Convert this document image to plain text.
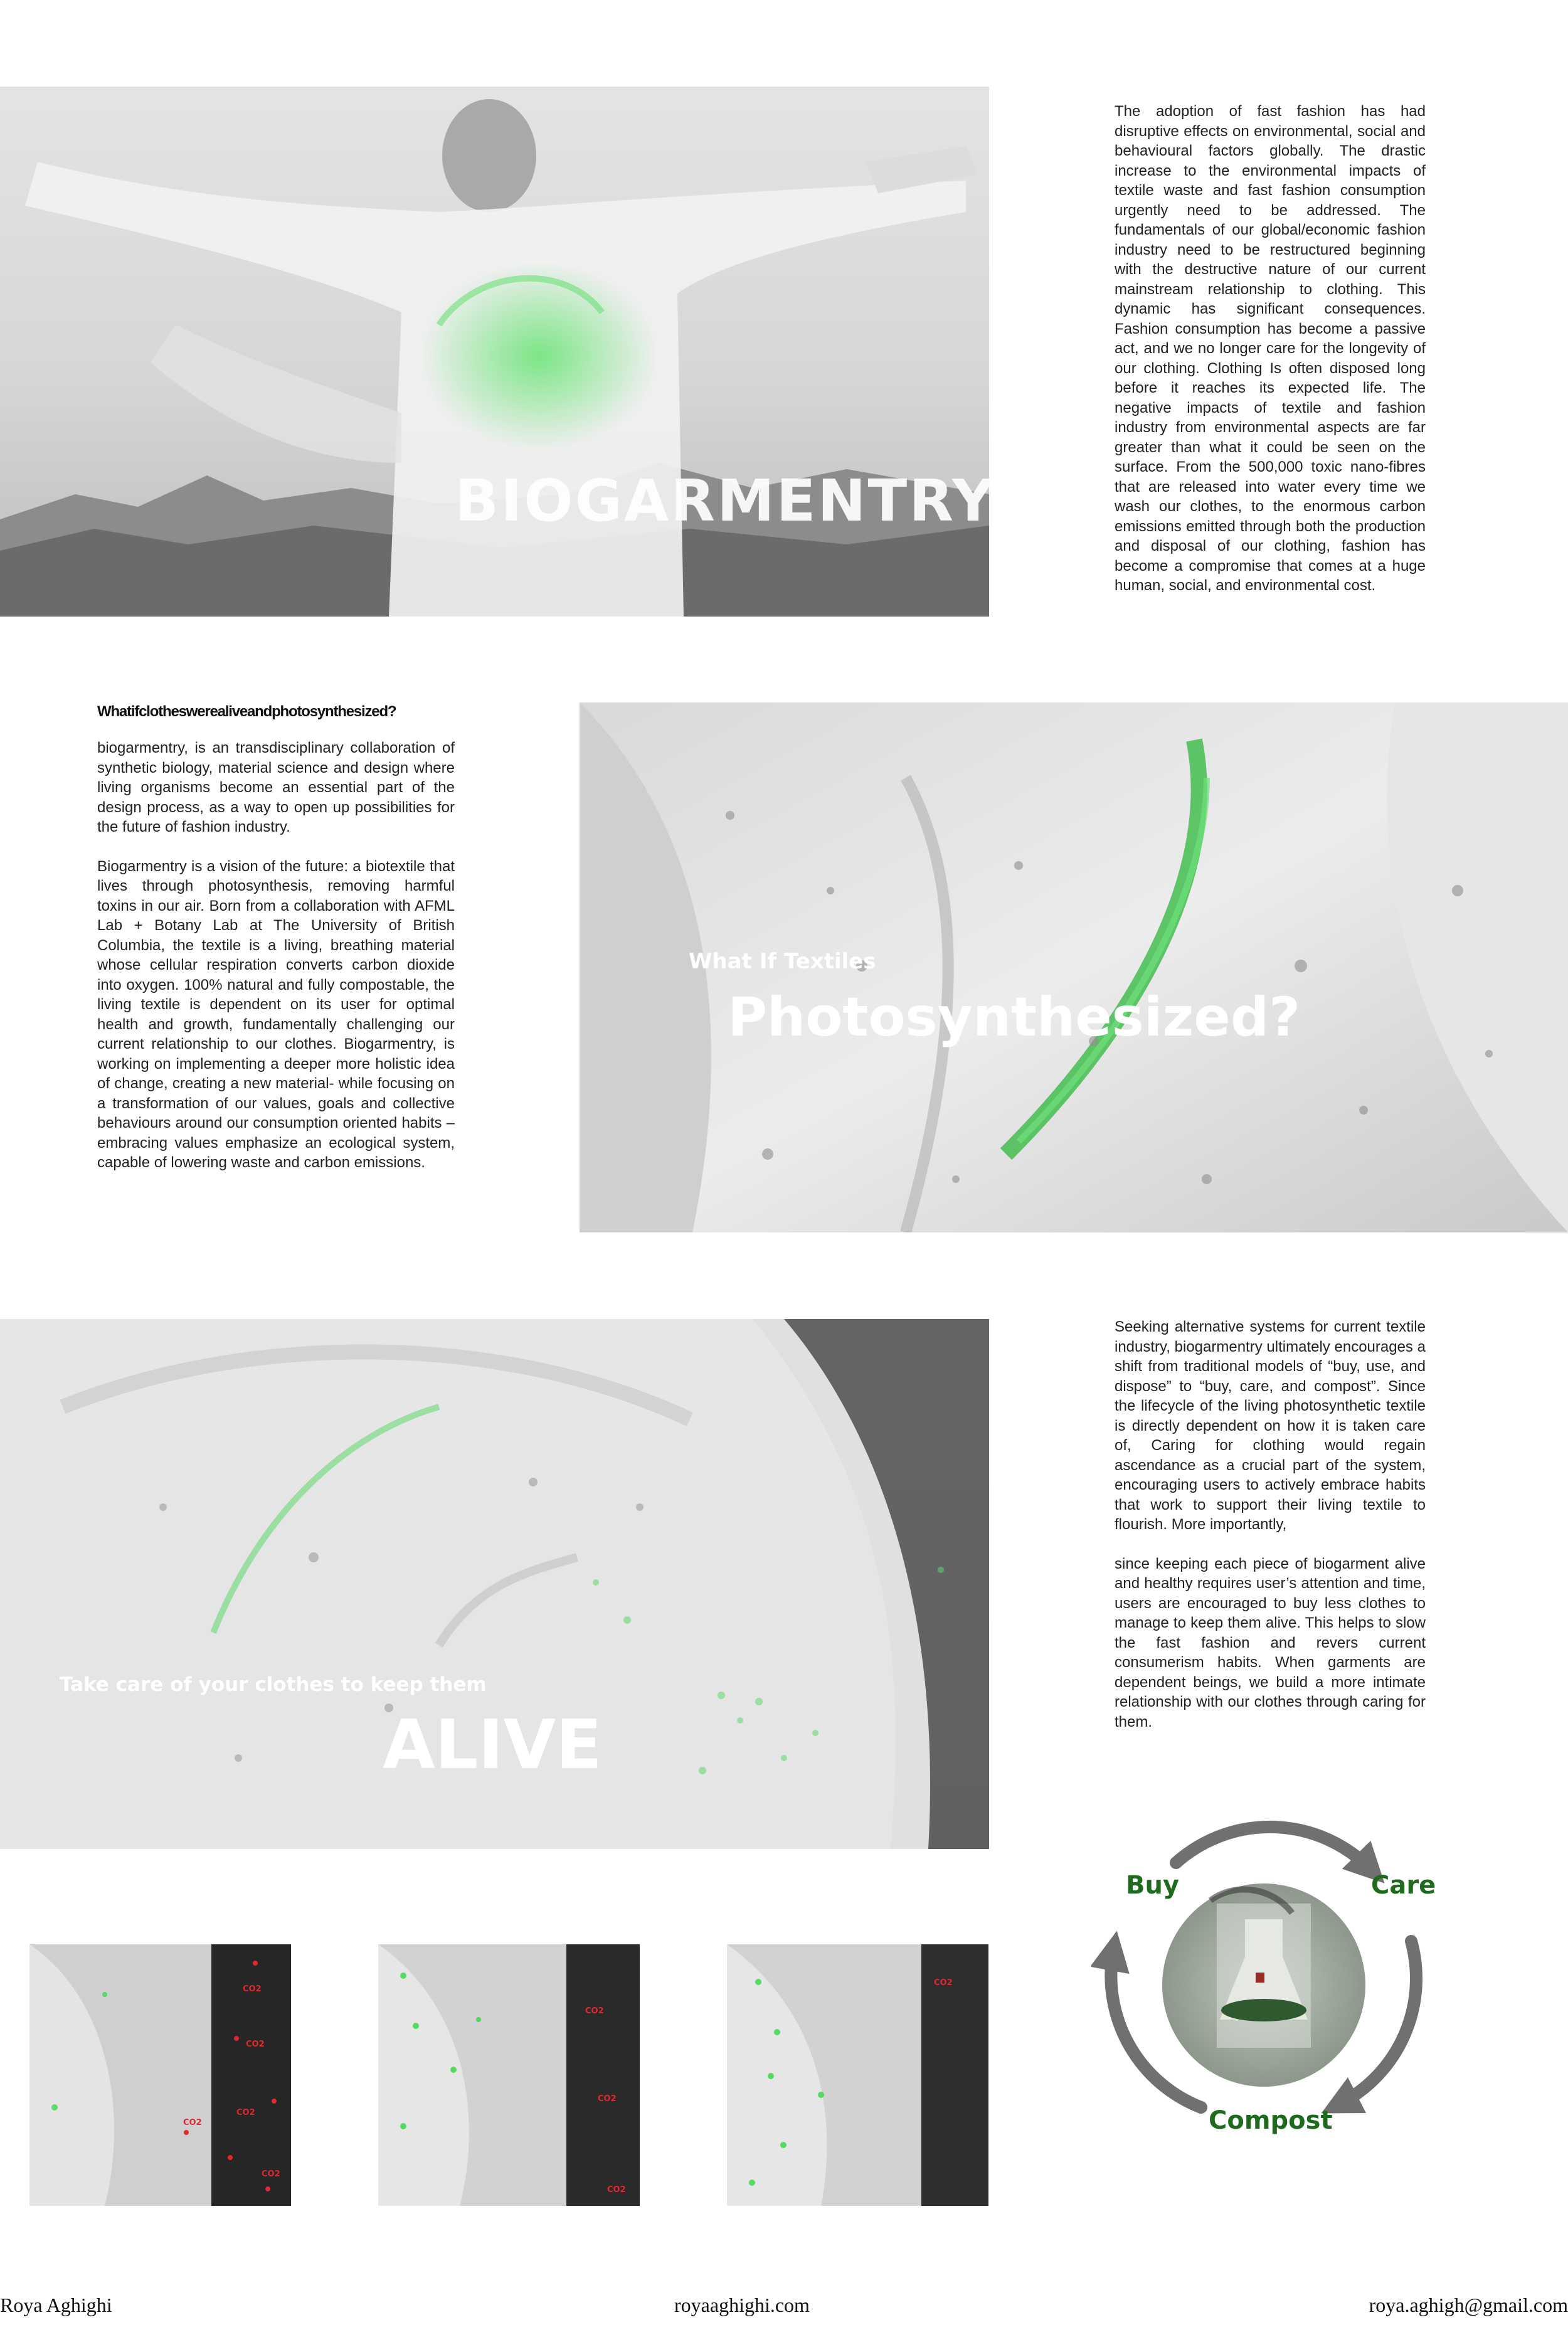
BIOGARMENTRY

The adoption of fast fashion has had disruptive effects on environmental, social and behavioural factors globally. The drastic increase to the environmental impacts of textile waste and fast fashion consumption urgently need to be addressed. The fundamentals of our global/economic fashion industry need to be restructured beginning with the destructive nature of our current mainstream relationship to clothing. This dynamic has significant consequences. Fashion consumption has become a passive act, and we no longer care for the longevity of our clothing. Clothing Is often disposed long before it reaches its expected life. The negative impacts of textile and fashion industry from environmental aspects are far greater than what it could be seen on the surface. From the 500,000 toxic nano-fibres that are released into water every time we wash our clothes, to the enormous carbon emissions emitted through both the production and disposal of our clothing, fashion has become a compromise that comes at a huge human, social, and environmental cost.

Whatifclotheswerealiveandphotosynthesized?

biogarmentry, is an transdisciplinary collaboration of synthetic biology, material science and design where living organisms become an essential part of the design process, as a way to open up possibilities for the future of fashion industry.

Biogarmentry is a vision of the future: a biotextile that lives through photosynthesis, removing harmful toxins in our air. Born from a collaboration with AFML Lab + Botany Lab at The University of British Columbia, the textile is a living, breathing material whose cellular respiration converts carbon dioxide into oxygen. 100% natural and fully compostable, the living textile is dependent on its user for optimal health and growth, fundamentally challenging our current relationship to our clothes. Biogarmentry, is working on implementing a deeper more holistic idea of change, creating a new material- while focusing on a transformation of our values, goals and collective behaviours around our consumption oriented habits – embracing values emphasize an ecological system, capable of lowering waste and carbon emissions.

What If Textiles
Photosynthesized?
Take care of your clothes to keep them
ALIVE

Seeking alternative systems for current textile industry, biogarmentry ultimately encourages a shift from traditional models of “buy, use, and dispose” to “buy, care, and compost”. Since the lifecycle of the living photosynthetic textile is directly dependent on how it is taken care of, Caring for clothing would regain ascendance as a crucial part of the system, encouraging users to actively embrace habits that work to support their living textile to flourish. More importantly,

since keeping each piece of biogarment alive and healthy requires user’s attention and time, users are encouraged to buy less clothes to manage to keep them alive. This helps to slow the fast fashion and revers current consumerism habits. When garments are dependent beings, we build a more intimate relationship with our clothes through caring for them.

CO2
CO2
CO2
CO2
CO2
CO2
CO2
CO2
CO2
Buy	Care
Compost
Roya Aghighi	royaaghighi.com	roya.aghigh@gmail.com
